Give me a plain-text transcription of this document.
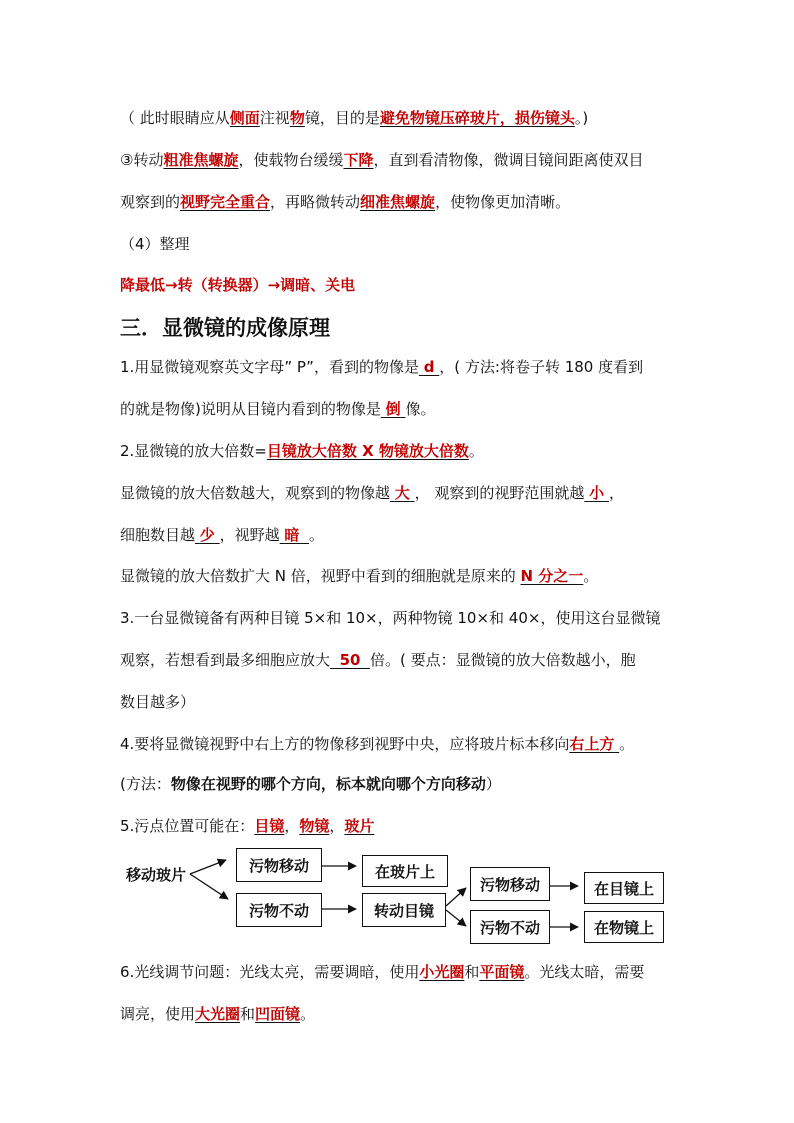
（ 此时眼睛应从侧面注视物镜，目的是避免物镜压碎玻片，损伤镜头。)
③转动粗准焦螺旋，使载物台缓缓下降，直到看清物像，微调目镜间距离使双目
观察到的视野完全重合，再略微转动细准焦螺旋，使物像更加清晰。
（4）整理
降最低→转（转换器）→调暗、关电
三．显微镜的成像原理
1.用显微镜观察英文字母” P”，看到的物像是 d ，( 方法:将卷子转 180 度看到
的就是物像)说明从目镜内看到的物像是 倒 像。
2.显微镜的放大倍数=目镜放大倍数 X 物镜放大倍数。
显微镜的放大倍数越大，观察到的物像越 大 ， 观察到的视野范围就越 小 ，
细胞数目越 少 ，视野越 暗 。
显微镜的放大倍数扩大 N 倍，视野中看到的细胞就是原来的 N 分之一。
3.一台显微镜备有两种目镜 5×和 10×，两种物镜 10×和 40×，使用这台显微镜
观察，若想看到最多细胞应放大 50 倍。( 要点：显微镜的放大倍数越小，胞
数目越多）
4.要将显微镜视野中右上方的物像移到视野中央，应将玻片标本移向右上方 。
(方法：物像在视野的哪个方向，标本就向哪个方向移动）
5.污点位置可能在：目镜，物镜，玻片
移动玻片
污物移动
污物不动
在玻片上
转动目镜
污物移动
污物不动
在目镜上
在物镜上
6.光线调节问题：光线太亮，需要调暗，使用小光圈和平面镜。光线太暗，需要
调亮，使用大光圈和凹面镜。
